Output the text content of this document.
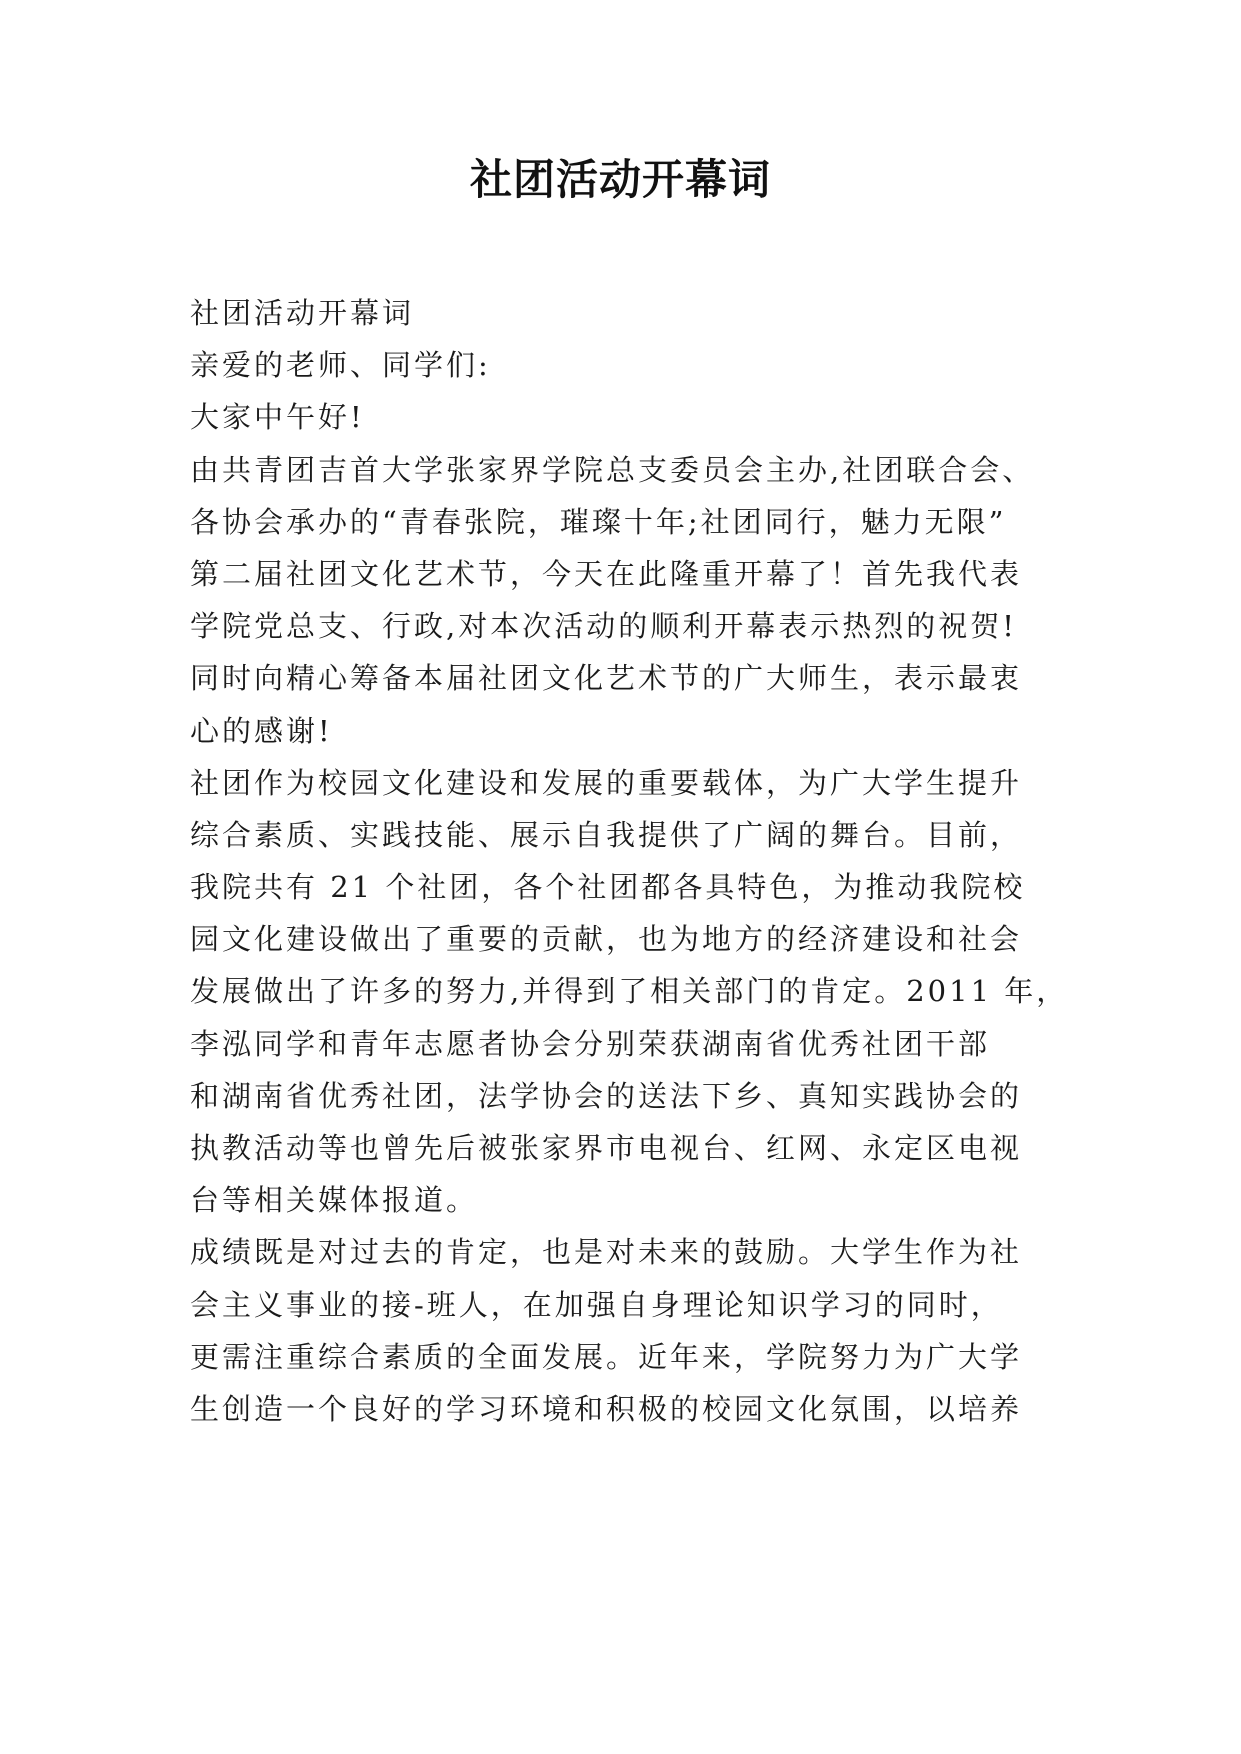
社团活动开幕词
社团活动开幕词
亲爱的老师、同学们:
大家中午好!
由共青团吉首大学张家界学院总支委员会主办,社团联合会、
各协会承办的“青春张院，璀璨十年;社团同行，魅力无限”
第二届社团文化艺术节，今天在此隆重开幕了！首先我代表
学院党总支、行政,对本次活动的顺利开幕表示热烈的祝贺!
同时向精心筹备本届社团文化艺术节的广大师生，表示最衷
心的感谢!
社团作为校园文化建设和发展的重要载体，为广大学生提升
综合素质、实践技能、展示自我提供了广阔的舞台。目前，
我院共有 21 个社团，各个社团都各具特色，为推动我院校
园文化建设做出了重要的贡献，也为地方的经济建设和社会
发展做出了许多的努力,并得到了相关部门的肯定。2011 年，
李泓同学和青年志愿者协会分别荣获湖南省优秀社团干部
和湖南省优秀社团，法学协会的送法下乡、真知实践协会的
执教活动等也曾先后被张家界市电视台、红网、永定区电视
台等相关媒体报道。
成绩既是对过去的肯定，也是对未来的鼓励。大学生作为社
会主义事业的接-班人，在加强自身理论知识学习的同时，
更需注重综合素质的全面发展。近年来，学院努力为广大学
生创造一个良好的学习环境和积极的校园文化氛围，以培养
